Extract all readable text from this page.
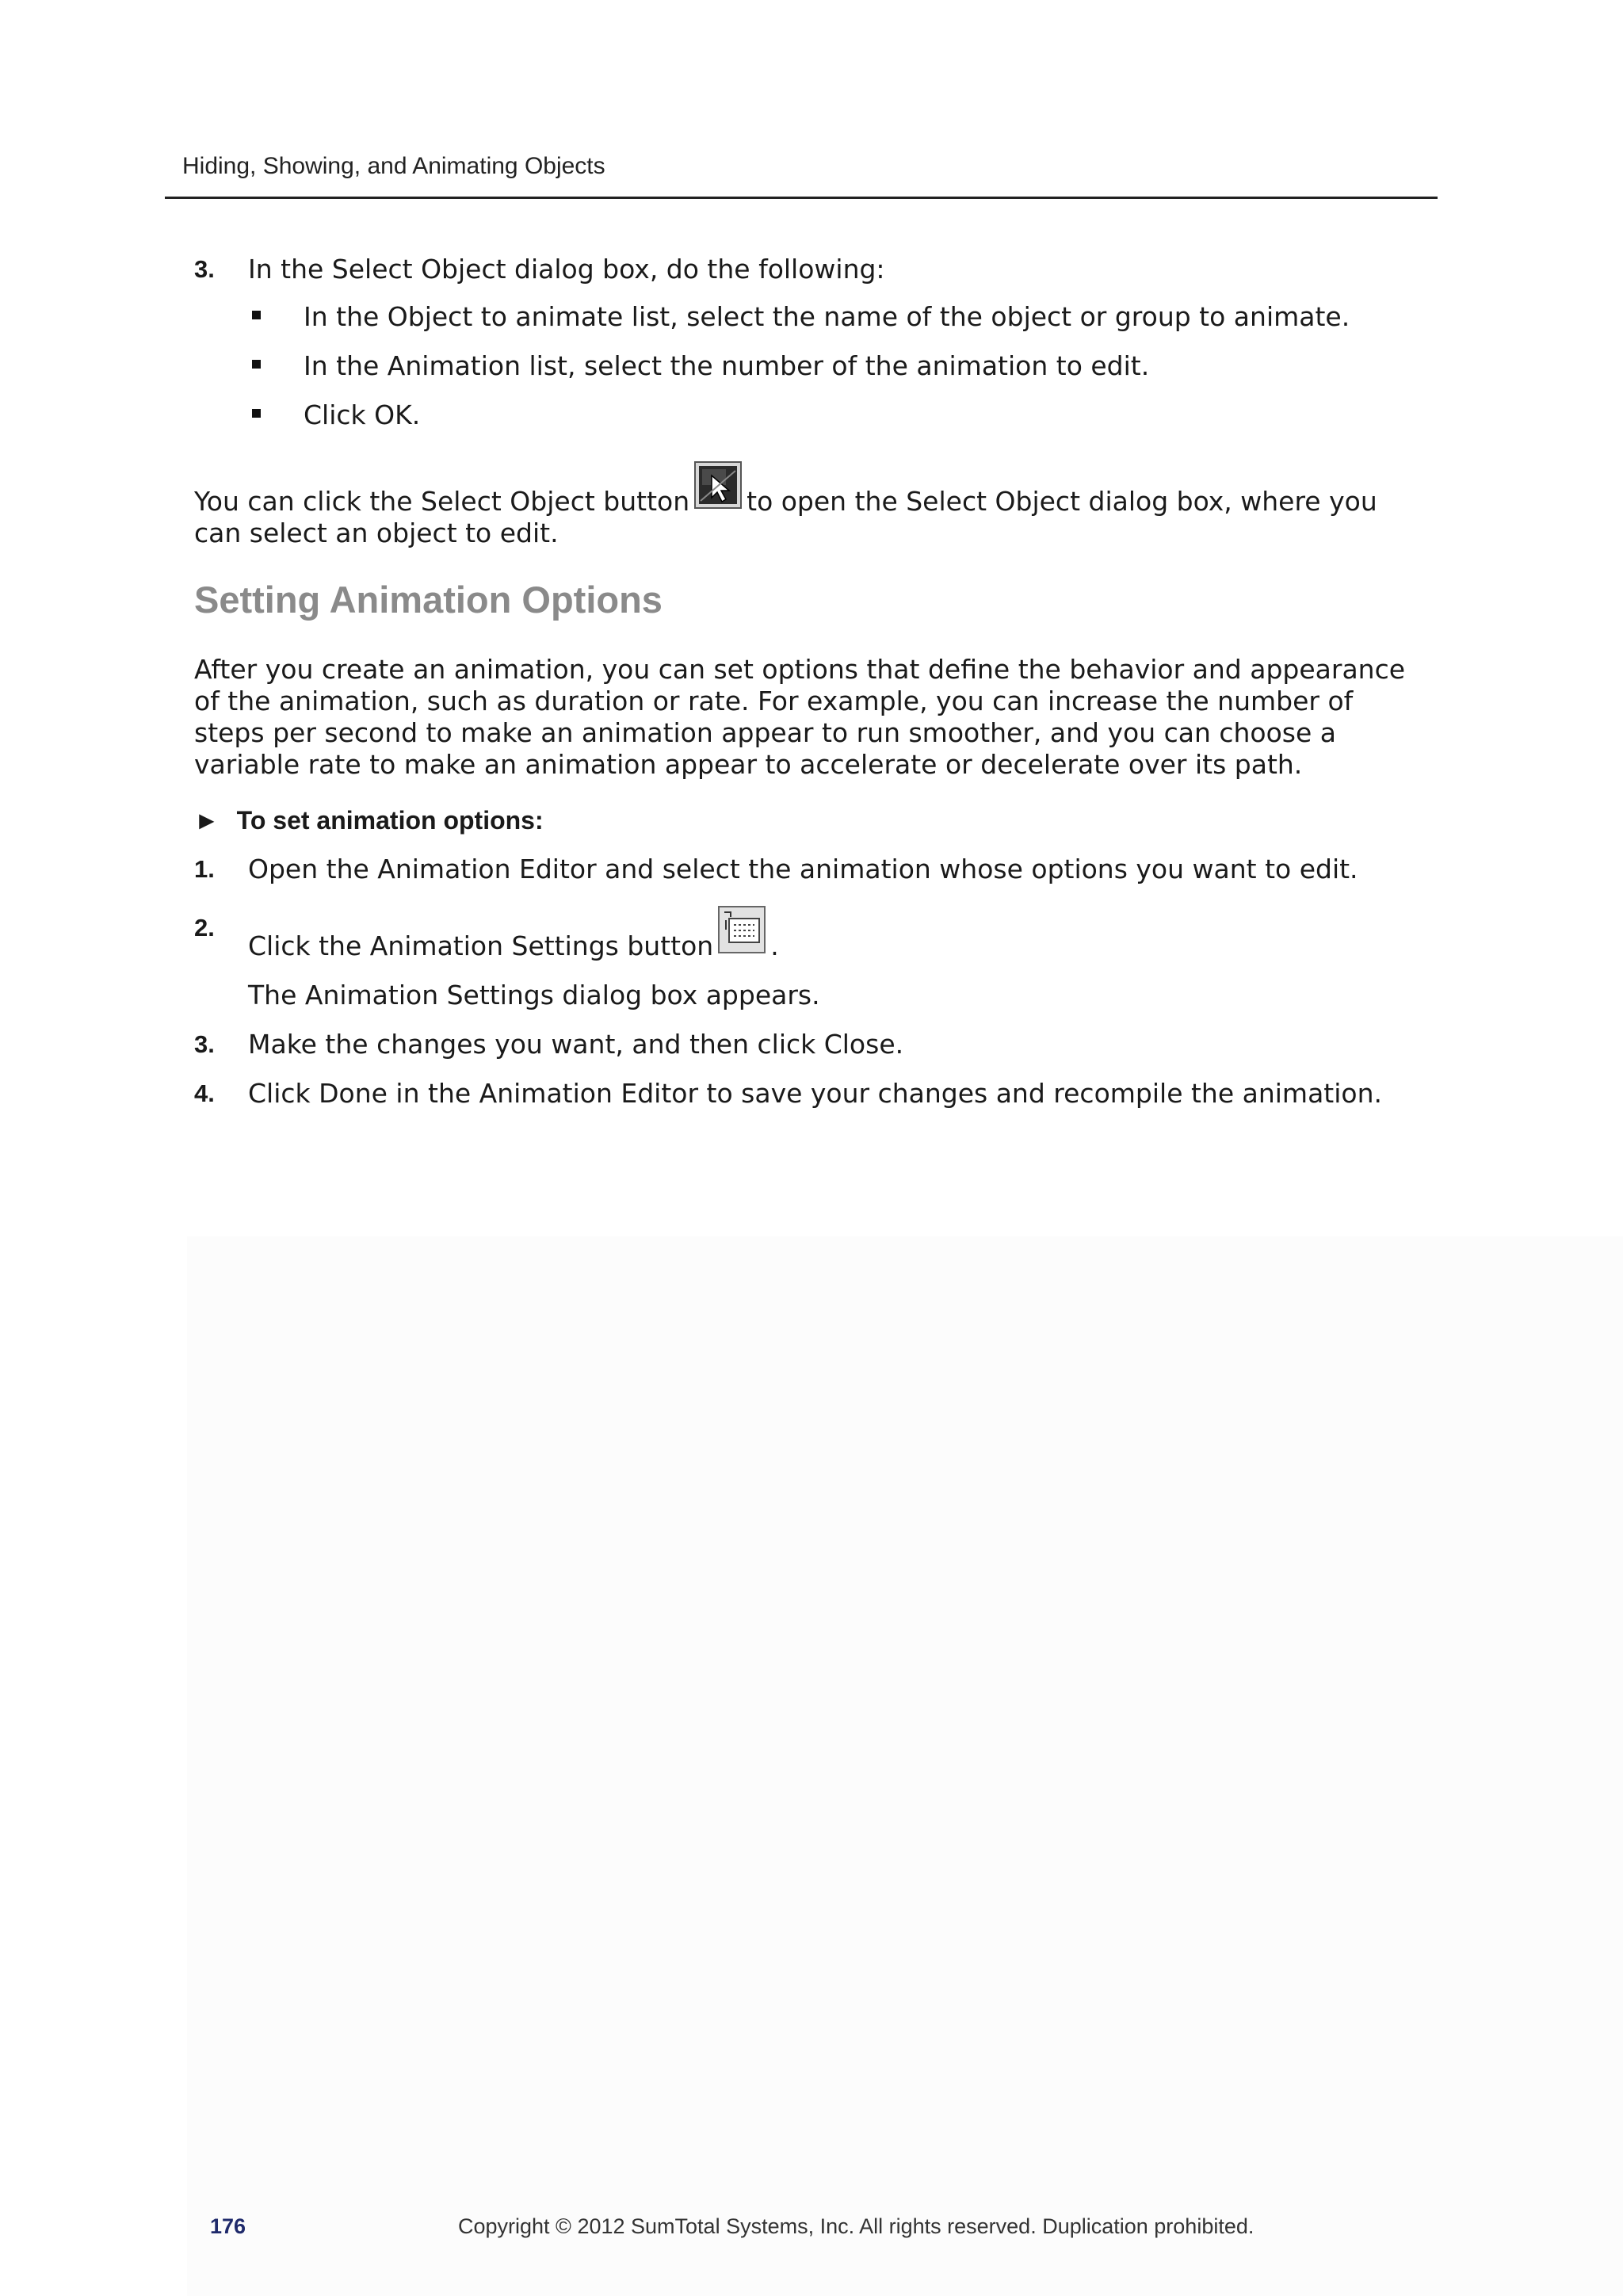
Hiding, Showing, and Animating Objects
3. In the Select Object dialog box, do the following:
In the Object to animate list, select the name of the object or group to animate.
In the Animation list, select the number of the animation to edit.
Click OK.

You can click the Select Object button to open the Select Object dialog box, where you can select an object to edit.

Setting Animation Options

After you create an animation, you can set options that define the behavior and appearance of the animation, such as duration or rate. For example, you can increase the number of steps per second to make an animation appear to run smoother, and you can choose a variable rate to make an animation appear to accelerate or decelerate over its path.

► To set animation options:
1. Open the Animation Editor and select the animation whose options you want to edit.
2.
Click the Animation Settings button .
The Animation Settings dialog box appears.
3. Make the changes you want, and then click Close.
4. Click Done in the Animation Editor to save your changes and recompile the animation.
176	Copyright © 2012 SumTotal Systems, Inc. All rights reserved. Duplication prohibited.
